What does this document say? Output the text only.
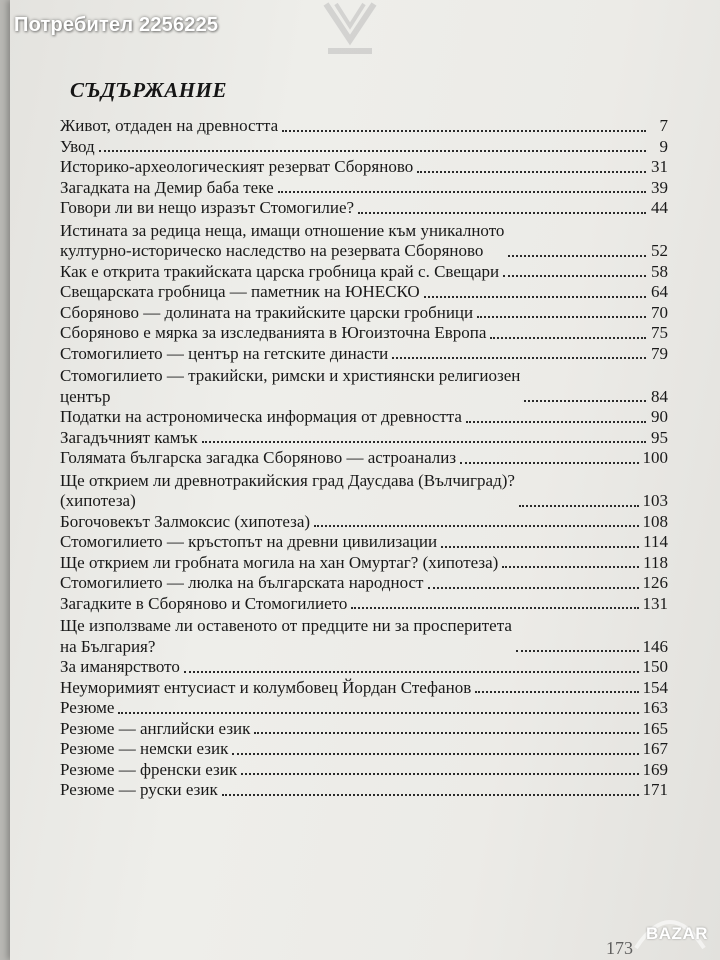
СЪДЪРЖАНИЕ
Живот, отдаден на древността	7
Увод	9
Историко-археологическият резерват Сборяново	31
Загадката на Демир баба теке	39
Говори ли ви нещо изразът Стомогилие?	44
Истината за редица неща, имащи отношение към уникалното
културно-историческо наследство на резервата Сборяново	52
Как е открита тракийската царска гробница край с. Свещари	58
Свещарската гробница — паметник на ЮНЕСКО	64
Сборяново — долината на тракийските царски гробници	70
Сборяново е мярка за изследванията в Югоизточна Европа	75
Стомогилието — център на гетските династи	79
Стомогилието — тракийски, римски и християнски религиозен
център	84
Податки на астрономическа информация от древността	90
Загадъчният камък	95
Голямата българска загадка Сборяново — астроанализ	100
Ще открием ли древнотракийския град Даусдава (Вълчиград)?
(хипотеза)	103
Богочовекът Залмоксис (хипотеза)	108
Стомогилието — кръстопът на древни цивилизации	114
Ще открием ли гробната могила на хан Омуртаг? (хипотеза)	118
Стомогилието — люлка на българската народност	126
Загадките в Сборяново и Стомогилието	131
Ще използваме ли оставеното от предците ни за просперитета
на България?	146
За иманярството	150
Неуморимият ентусиаст и колумбовец Йордан Стефанов	154
Резюме	163
Резюме — английски език	165
Резюме — немски език	167
Резюме — френски език	169
Резюме — руски език	171
173
Потребител 2256225
BAZAR
